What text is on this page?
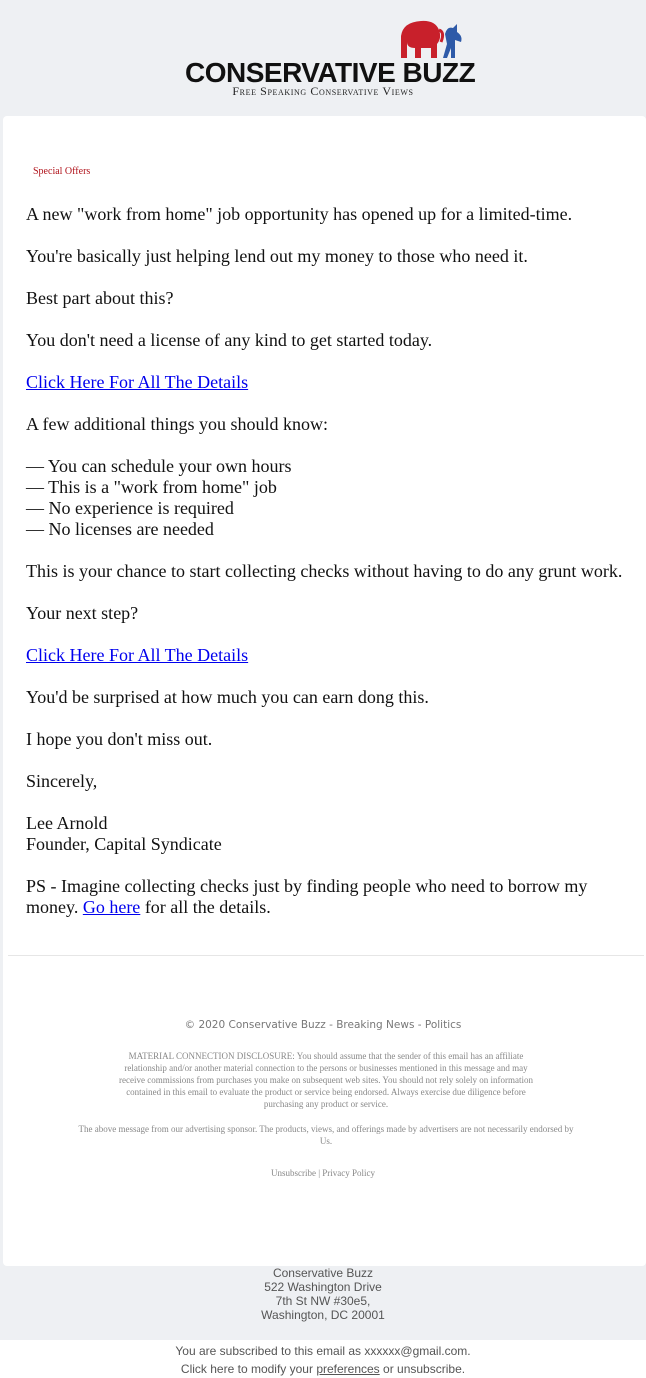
CONSERVATIVE BUZZ
Free Speaking Conservative Views
Special Offers

A new "work from home" job opportunity has opened up for a limited-time.

You're basically just helping lend out my money to those who need it.

Best part about this?

You don't need a license of any kind to get started today.

Click Here For All The Details

A few additional things you should know:

— You can schedule your own hours
— This is a "work from home" job
— No experience is required
— No licenses are needed

This is your chance to start collecting checks without having to do any grunt work.

Your next step?

Click Here For All The Details

You'd be surprised at how much you can earn dong this.

I hope you don't miss out.

Sincerely,

Lee Arnold
Founder, Capital Syndicate

PS - Imagine collecting checks just by finding people who need to borrow my money. Go here for all the details.

© 2020 Conservative Buzz - Breaking News - Politics
MATERIAL CONNECTION DISCLOSURE: You should assume that the sender of this email has an affiliate relationship and/or another material connection to the persons or businesses mentioned in this message and may receive commissions from purchases you make on subsequent web sites. You should not rely solely on information contained in this email to evaluate the product or service being endorsed. Always exercise due diligence before purchasing any product or service.
The above message from our advertising sponsor. The products, views, and offerings made by advertisers are not necessarily endorsed by Us.
Unsubscribe | Privacy Policy
Conservative Buzz
522 Washington Drive
7th St NW #30e5,
Washington, DC 20001
You are subscribed to this email as xxxxxx@gmail.com.
Click here to modify your preferences or unsubscribe.
